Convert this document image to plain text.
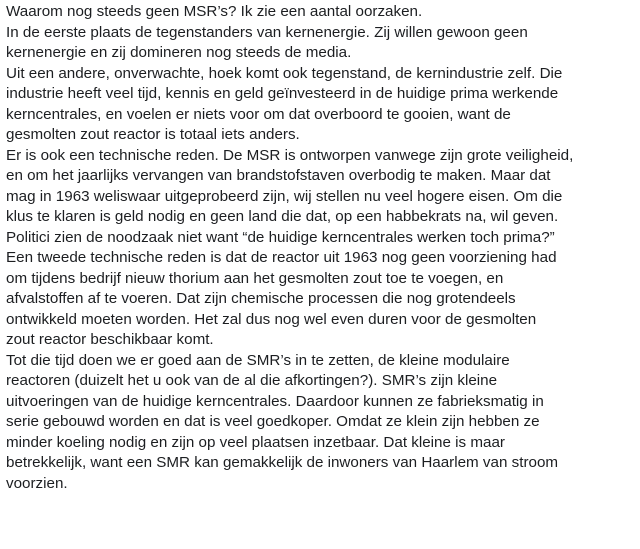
Waarom nog steeds geen MSR’s? Ik zie een aantal oorzaken.
In de eerste plaats de tegenstanders van kernenergie. Zij willen gewoon geen
kernenergie en zij domineren nog steeds de media.
Uit een andere, onverwachte, hoek komt ook tegenstand, de kernindustrie zelf. Die
industrie heeft veel tijd, kennis en geld geïnvesteerd in de huidige prima werkende
kerncentrales, en voelen er niets voor om dat overboord te gooien, want de
gesmolten zout reactor is totaal iets anders.
Er is ook een technische reden. De MSR is ontworpen vanwege zijn grote veiligheid,
en om het jaarlijks vervangen van brandstofstaven overbodig te maken. Maar dat
mag in 1963 weliswaar uitgeprobeerd zijn, wij stellen nu veel hogere eisen. Om die
klus te klaren is geld nodig en geen land die dat, op een habbekrats na, wil geven.
Politici zien de noodzaak niet want “de huidige kerncentrales werken toch prima?”
Een tweede technische reden is dat de reactor uit 1963 nog geen voorziening had
om tijdens bedrijf nieuw thorium aan het gesmolten zout toe te voegen, en
afvalstoffen af te voeren. Dat zijn chemische processen die nog grotendeels
ontwikkeld moeten worden. Het zal dus nog wel even duren voor de gesmolten
zout reactor beschikbaar komt.
Tot die tijd doen we er goed aan de SMR’s in te zetten, de kleine modulaire
reactoren (duizelt het u ook van de al die afkortingen?). SMR’s zijn kleine
uitvoeringen van de huidige kerncentrales. Daardoor kunnen ze fabrieksmatig in
serie gebouwd worden en dat is veel goedkoper. Omdat ze klein zijn hebben ze
minder koeling nodig en zijn op veel plaatsen inzetbaar. Dat kleine is maar
betrekkelijk, want een SMR kan gemakkelijk de inwoners van Haarlem van stroom
voorzien.
